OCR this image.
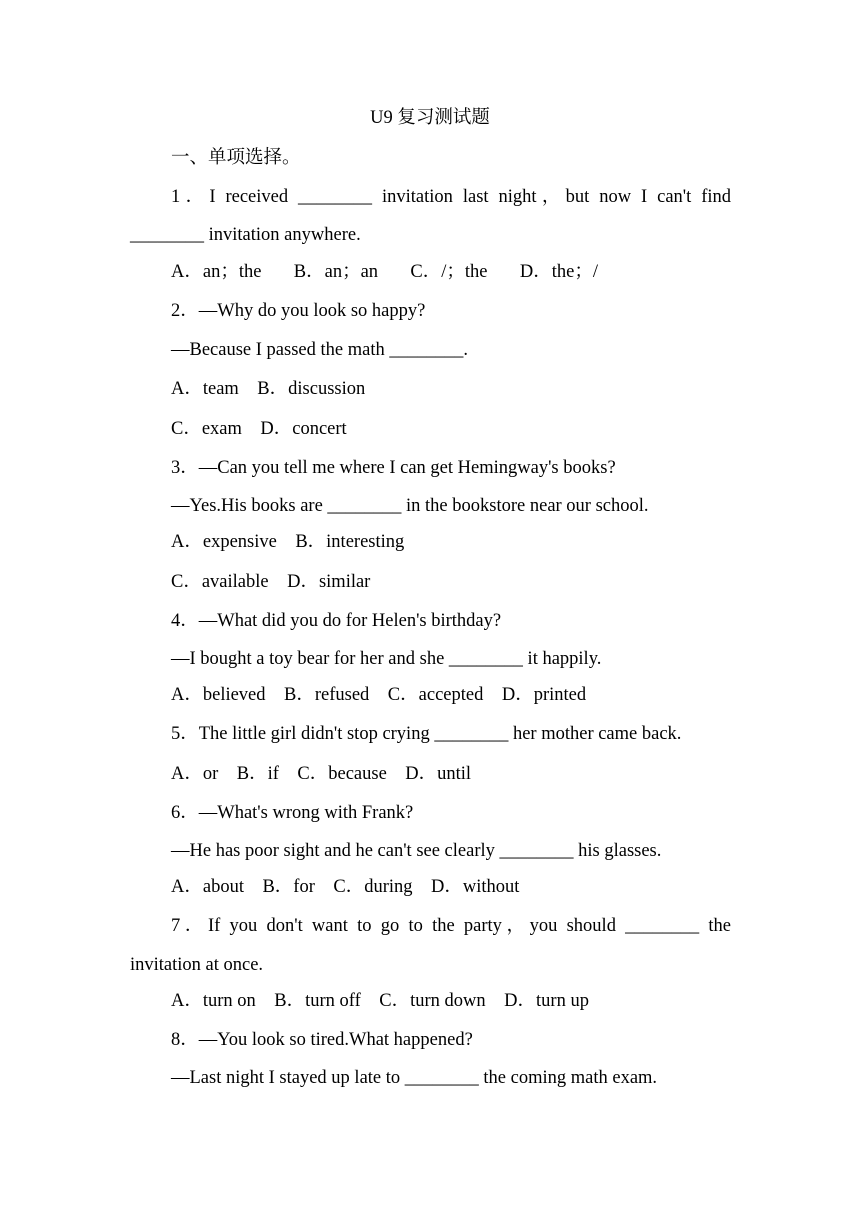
U9 复习测试题
一、单项选择。
1．I received ________ invitation last night，but now I can't find
________ invitation anywhere.
A．an；the       B．an；an       C．/；the       D．the；/
2．—Why do you look so happy?
—Because I passed the math ________.
A．team    B．discussion
C．exam    D．concert
3．—Can you tell me where I can get Hemingway's books?
—Yes.His books are ________ in the bookstore near our school.
A．expensive    B．interesting
C．available    D．similar
4．—What did you do for Helen's birthday?
—I bought a toy bear for her and she ________ it happily.
A．believed    B．refused    C．accepted    D．printed
5．The little girl didn't stop crying ________ her mother came back.
A．or    B．if    C．because    D．until
6．—What's wrong with Frank?
—He has poor sight and he can't see clearly ________ his glasses.
A．about    B．for    C．during    D．without
7．If you don't want to go to the party，you should ________ the
invitation at once.
A．turn on    B．turn off    C．turn down    D．turn up
8．—You look so tired.What happened?
—Last night I stayed up late to ________ the coming math exam.
